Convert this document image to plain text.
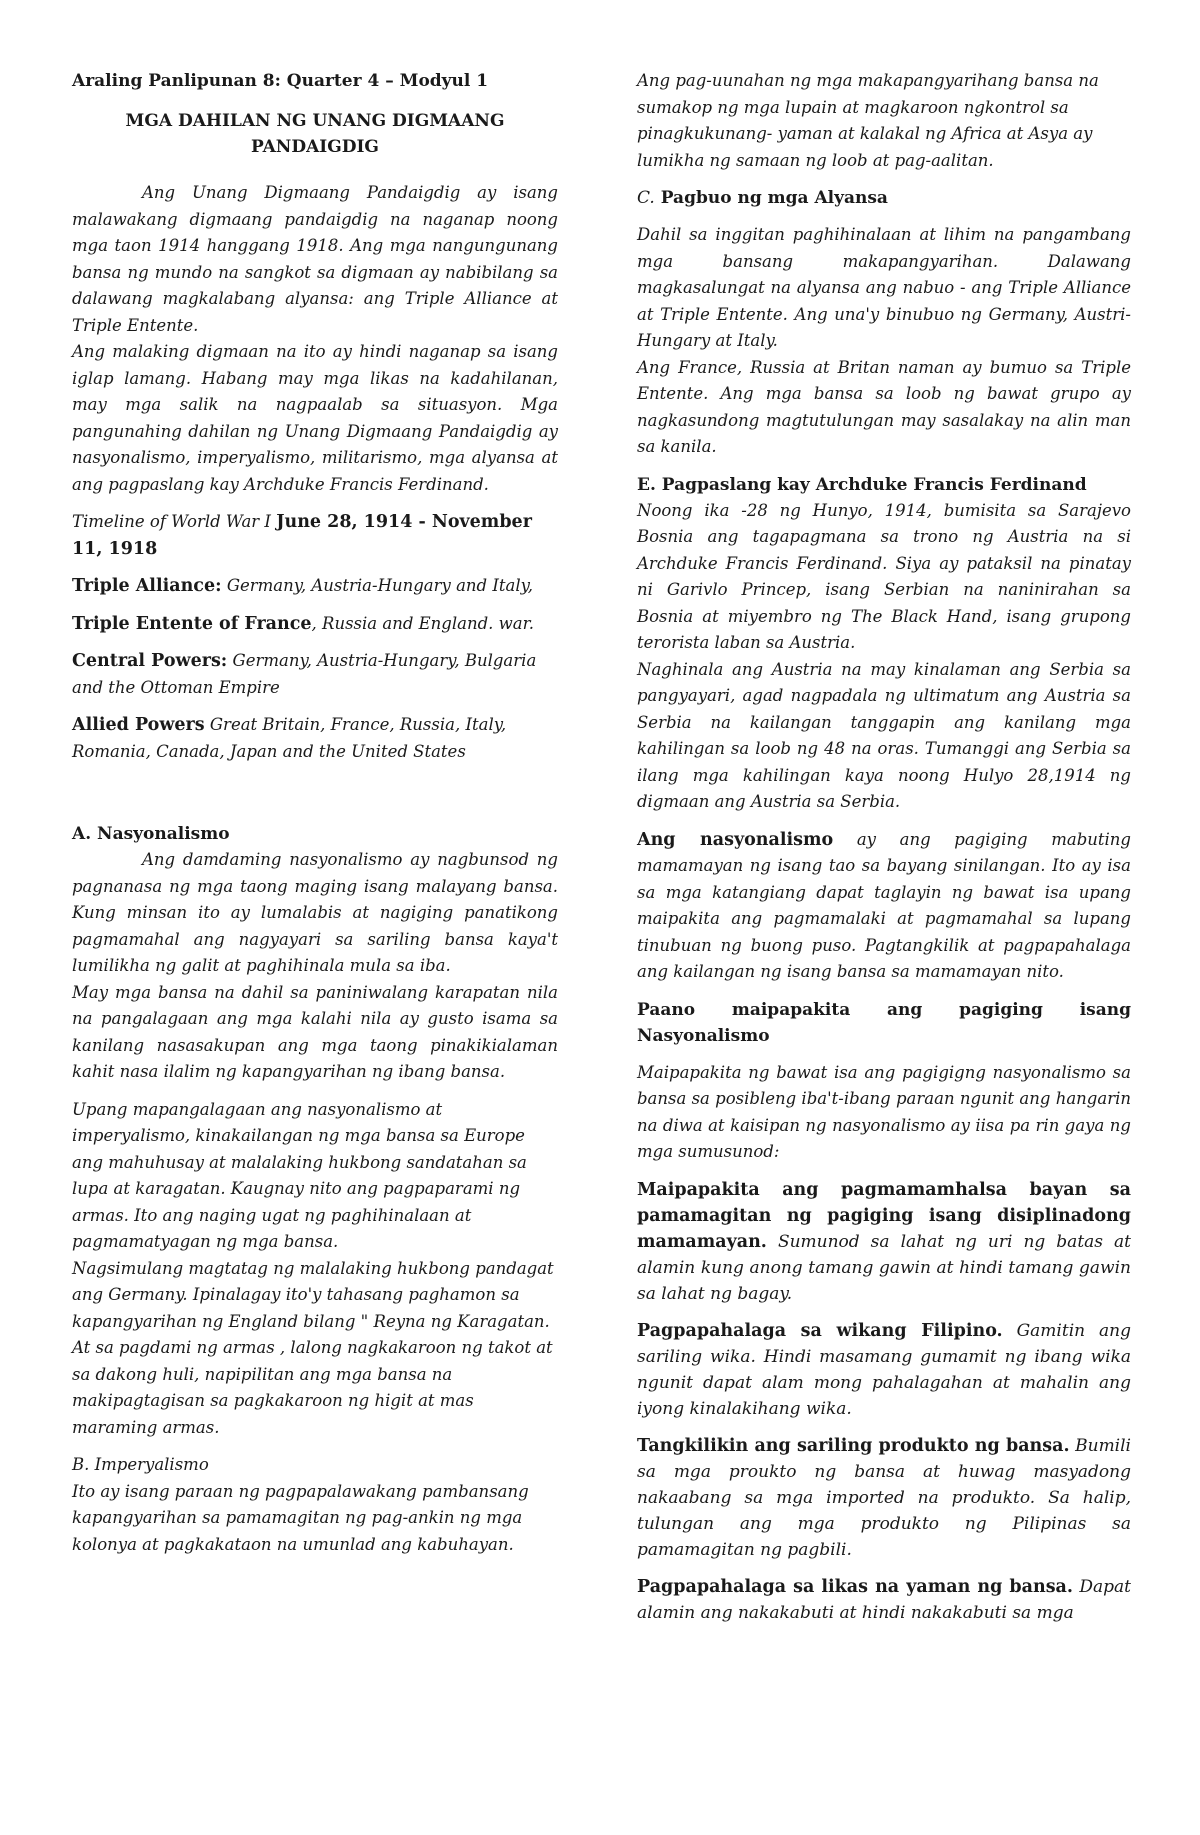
Araling Panlipunan 8: Quarter 4 – Modyul 1

MGA DAHILAN NG UNANG DIGMAANG
PANDAIGDIG

Ang Unang Digmaang Pandaigdig ay isang malawakang digmaang pandaigdig na naganap noong mga taon 1914 hanggang 1918. Ang mga nangungunang bansa ng mundo na sangkot sa digmaan ay nabibilang sa dalawang magkalabang alyansa: ang Triple Alliance at Triple Entente.

Ang malaking digmaan na ito ay hindi naganap sa isang iglap lamang. Habang may mga likas na kadahilanan, may mga salik na nagpaalab sa situasyon. Mga pangunahing dahilan ng Unang Digmaang Pandaigdig ay nasyonalismo, imperyalismo, militarismo, mga alyansa at ang pagpaslang kay Archduke Francis Ferdinand.

Timeline of World War I June 28, 1914 - November 11, 1918

Triple Alliance: Germany, Austria-Hungary and Italy,

Triple Entente of France, Russia and England. war.

Central Powers: Germany, Austria-Hungary, Bulgaria and the Ottoman Empire

Allied Powers Great Britain, France, Russia, Italy, Romania, Canada, Japan and the United States

A. Nasyonalismo

Ang damdaming nasyonalismo ay nagbunsod ng pagnanasa ng mga taong maging isang malayang bansa. Kung minsan ito ay lumalabis at nagiging panatikong pagmamahal ang nagyayari sa sariling bansa kaya't lumilikha ng galit at paghihinala mula sa iba.

May mga bansa na dahil sa paniniwalang karapatan nila na pangalagaan ang mga kalahi nila ay gusto isama sa kanilang nasasakupan ang mga taong pinakikialaman kahit nasa ilalim ng kapangyarihan ng ibang bansa.

Upang mapangalagaan ang nasyonalismo at imperyalismo, kinakailangan ng mga bansa sa Europe ang mahuhusay at malalaking hukbong sandatahan sa lupa at karagatan. Kaugnay nito ang pagpaparami ng armas. Ito ang naging ugat ng paghihinalaan at pagmamatyagan ng mga bansa.

Nagsimulang magtatag ng malalaking hukbong pandagat ang Germany. Ipinalagay ito'y tahasang paghamon sa kapangyarihan ng England bilang " Reyna ng Karagatan.

At sa pagdami ng armas , lalong nagkakaroon ng takot at sa dakong huli, napipilitan ang mga bansa na makipagtagisan sa pagkakaroon ng higit at mas maraming armas.

B. Imperyalismo

Ito ay isang paraan ng pagpapalawakang pambansang kapangyarihan sa pamamagitan ng pag-ankin ng mga kolonya at pagkakataon na umunlad ang kabuhayan.

Ang pag-uunahan ng mga makapangyarihang bansa na sumakop ng mga lupain at magkaroon ngkontrol sa pinagkukunang- yaman at kalakal ng Africa at Asya ay lumikha ng samaan ng loob at pag-aalitan.

C. Pagbuo ng mga Alyansa

Dahil sa inggitan paghihinalaan at lihim na pangambang mga bansang makapangyarihan. Dalawang magkasalungat na alyansa ang nabuo - ang Triple Alliance at Triple Entente. Ang una'y binubuo ng Germany, Austri- Hungary at Italy.

Ang France, Russia at Britan naman ay bumuo sa Triple Entente. Ang mga bansa sa loob ng bawat grupo ay nagkasundong magtutulungan may sasalakay na alin man sa kanila.

E. Pagpaslang kay Archduke Francis Ferdinand

Noong ika -28 ng Hunyo, 1914, bumisita sa Sarajevo Bosnia ang tagapagmana sa trono ng Austria na si Archduke Francis Ferdinand. Siya ay pataksil na pinatay ni Garivlo Princep, isang Serbian na naninirahan sa Bosnia at miyembro ng The Black Hand, isang grupong terorista laban sa Austria.

Naghinala ang Austria na may kinalaman ang Serbia sa pangyayari, agad nagpadala ng ultimatum ang Austria sa Serbia na kailangan tanggapin ang kanilang mga kahilingan sa loob ng 48 na oras. Tumanggi ang Serbia sa ilang mga kahilingan kaya noong Hulyo 28,1914 ng digmaan ang Austria sa Serbia.

Ang nasyonalismo ay ang pagiging mabuting mamamayan ng isang tao sa bayang sinilangan. Ito ay isa sa mga katangiang dapat taglayin ng bawat isa upang maipakita ang pagmamalaki at pagmamahal sa lupang tinubuan ng buong puso. Pagtangkilik at pagpapahalaga ang kailangan ng isang bansa sa mamamayan nito.

Paano maipapakita ang pagiging isang Nasyonalismo

Maipapakita ng bawat isa ang pagigigng nasyonalismo sa bansa sa posibleng iba't-ibang paraan ngunit ang hangarin na diwa at kaisipan ng nasyonalismo ay iisa pa rin gaya ng mga sumusunod:

Maipapakita ang pagmamamhalsa bayan sa pamamagitan ng pagiging isang disiplinadong mamamayan. Sumunod sa lahat ng uri ng batas at alamin kung anong tamang gawin at hindi tamang gawin sa lahat ng bagay.

Pagpapahalaga sa wikang Filipino. Gamitin ang sariling wika. Hindi masamang gumamit ng ibang wika ngunit dapat alam mong pahalagahan at mahalin ang iyong kinalakihang wika.

Tangkilikin ang sariling produkto ng bansa. Bumili sa mga proukto ng bansa at huwag masyadong nakaabang sa mga imported na produkto. Sa halip, tulungan ang mga produkto ng Pilipinas sa pamamagitan ng pagbili.

Pagpapahalaga sa likas na yaman ng bansa. Dapat alamin ang nakakabuti at hindi nakakabuti sa mga
